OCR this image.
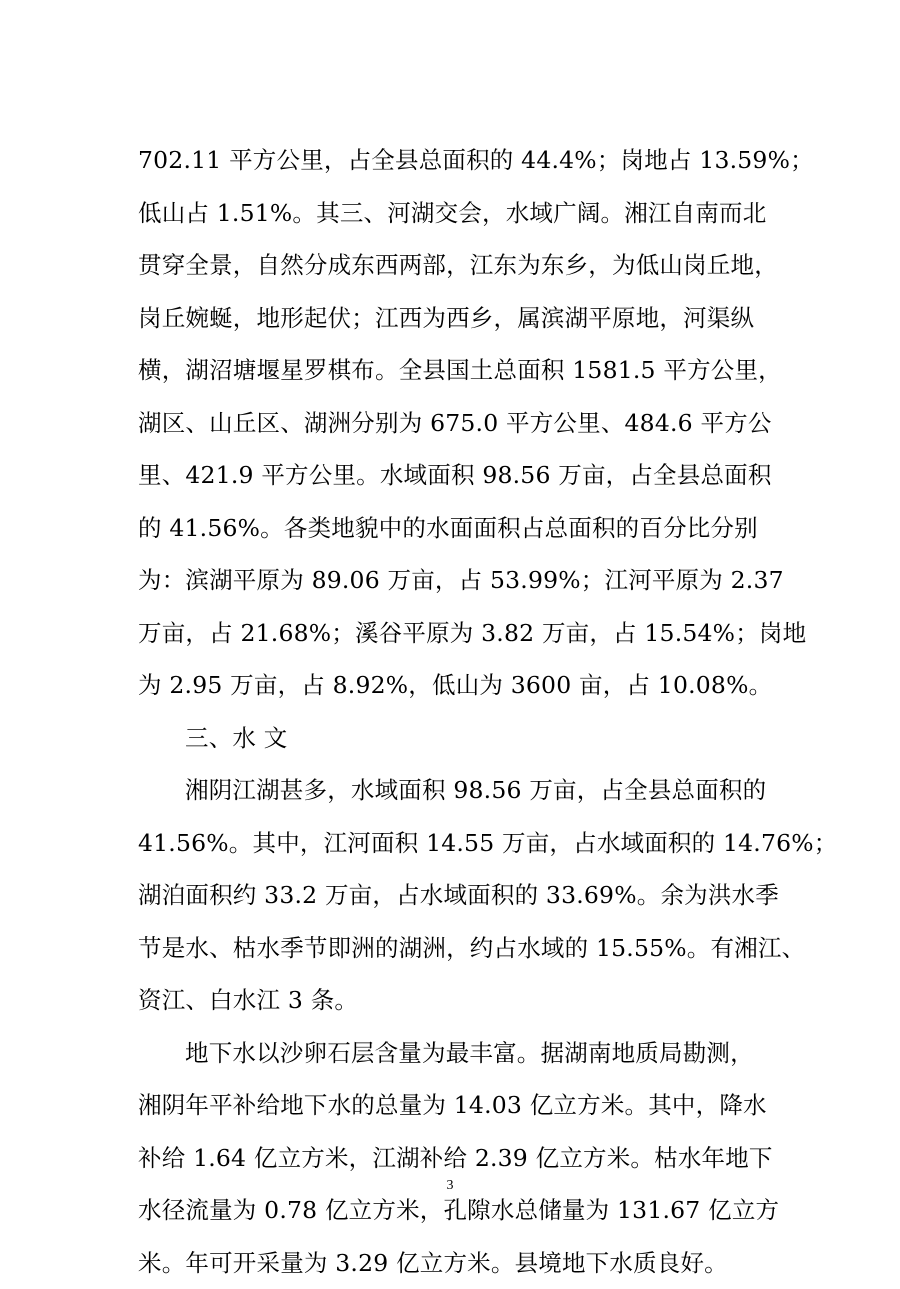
702.11 平方公里，占全县总面积的 44.4%；岗地占 13.59%；
低山占 1.51%。其三、河湖交会，水域广阔。湘江自南而北
贯穿全景，自然分成东西两部，江东为东乡，为低山岗丘地，
岗丘婉蜒，地形起伏；江西为西乡，属滨湖平原地，河渠纵
横，湖沼塘堰星罗棋布。全县国土总面积 1581.5 平方公里，
湖区、山丘区、湖洲分别为 675.0 平方公里、484.6 平方公
里、421.9 平方公里。水域面积 98.56 万亩，占全县总面积
的 41.56%。各类地貌中的水面面积占总面积的百分比分别
为：滨湖平原为 89.06 万亩，占 53.99%；江河平原为 2.37
万亩，占 21.68%；溪谷平原为 3.82 万亩，占 15.54%；岗地
为 2.95 万亩，占 8.92%，低山为 3600 亩，占 10.08%。
三、水 文
湘阴江湖甚多，水域面积 98.56 万亩，占全县总面积的
41.56%。其中，江河面积 14.55 万亩，占水域面积的 14.76%；
湖泊面积约 33.2 万亩，占水域面积的 33.69%。余为洪水季
节是水、枯水季节即洲的湖洲，约占水域的 15.55%。有湘江、
资江、白水江 3 条。
地下水以沙卵石层含量为最丰富。据湖南地质局勘测，
湘阴年平补给地下水的总量为 14.03 亿立方米。其中，降水
补给 1.64 亿立方米，江湖补给 2.39 亿立方米。枯水年地下
水径流量为 0.78 亿立方米，孔隙水总储量为 131.67 亿立方
米。年可开采量为 3.29 亿立方米。县境地下水质良好。
3
